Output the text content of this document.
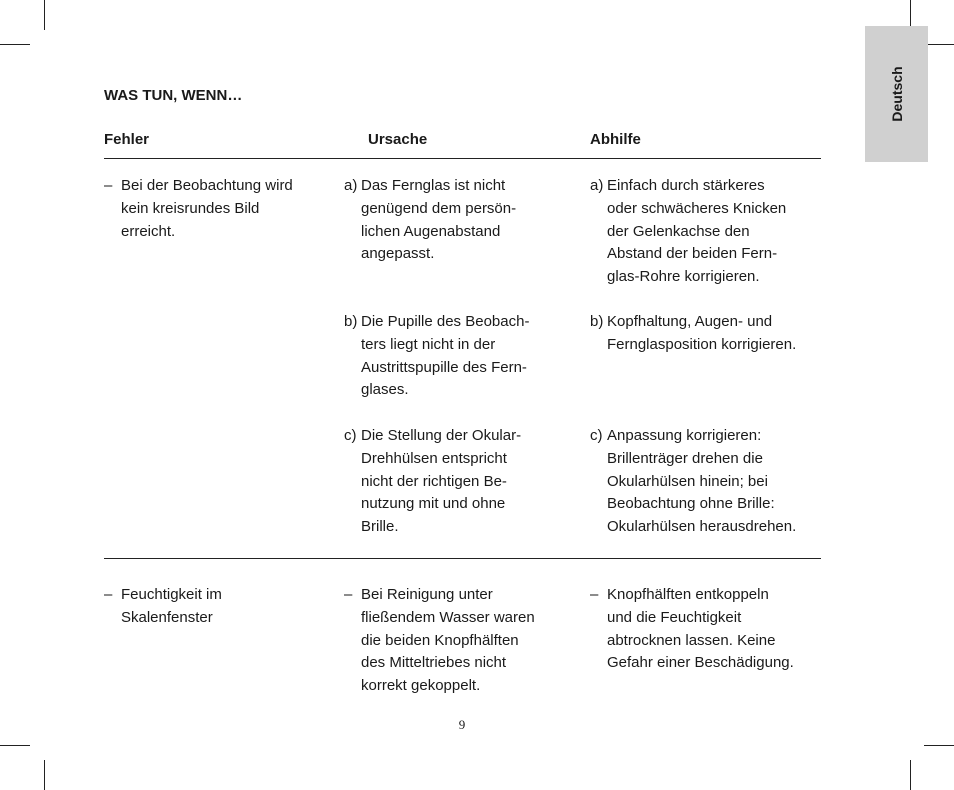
Deutsch
WAS TUN, WENN…
Fehler	Ursache	Abhilfe
– Bei der Beobachtung wird
kein kreisrundes Bild
erreicht.
a) Das Fernglas ist nicht
genügend dem persön-
lichen Augenabstand
angepasst.
a) Einfach durch stärkeres
oder schwächeres Knicken
der Gelenkachse den
Abstand der beiden Fern-
glas-Rohre korrigieren.
b) Die Pupille des Beobach-
ters liegt nicht in der
Austrittspupille des Fern-
glases.
b) Kopfhaltung, Augen- und
Fernglasposition korrigieren.
c) Die Stellung der Okular-
Drehhülsen entspricht
nicht der richtigen Be-
nutzung mit und ohne
Brille.
c) Anpassung korrigieren:
Brillenträger drehen die
Okularhülsen hinein; bei
Beobachtung ohne Brille:
Okularhülsen herausdrehen.
– Feuchtigkeit im
Skalenfenster
– Bei Reinigung unter
fließendem Wasser waren
die beiden Knopfhälften
des Mitteltriebes nicht
korrekt gekoppelt.
– Knopfhälften entkoppeln
und die Feuchtigkeit
abtrocknen lassen. Keine
Gefahr einer Beschädigung.
9
